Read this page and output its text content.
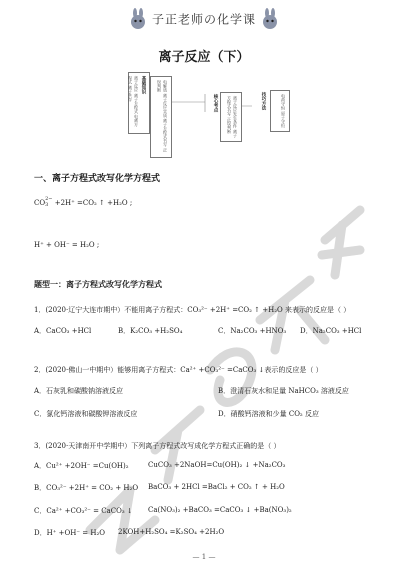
子正老师の化学课
离子反应（下）
基础知识
离子反应 离子方程式 电离方程式 离子共存	电解质 离子反应实质 离子方程式书写 正误判断
核心考点	离子反应发生条件 离子方程式书写 正误判断
技巧方法	电荷守恒 原子守恒
一、离子方程式改写化学方程式
CO 2−
3 +2H⁺ =CO₂ ↑ +H₂O ;
H⁺ + OH⁻ = H₂O ;
题型一：离子方程式改写化学方程式
1．(2020·辽宁大连市期中）不能用离子方程式：CO₃²⁻ +2H⁺ =CO₂ ↑ +H₂O 来表示的反应是（ ）
A．CaCO₃ +HCl	B．K₂CO₃ +H₂SO₄	C．Na₂CO₃ +HNO₃ D．Na₂CO₃ +HCl
2．(2020·佛山一中期中）能够用离子方程式：Ca²⁺ +CO₃²⁻ =CaCO₃ ↓表示的反应是（ ）
A．石灰乳和碳酸钠溶液反应	B．澄清石灰水和足量 NaHCO₃ 溶液反应
C．氯化钙溶液和碳酸钾溶液反应	D．硝酸钙溶液和少量 CO₂ 反应
3．(2020·天津南开中学期中）下列离子方程式改写成化学方程式正确的是（ ）
A．Cu²⁺ +2OH⁻ =Cu(OH)₂	CuCO₃ +2NaOH=Cu(OH)₂ ↓ +Na₂CO₃
B．CO₃²⁻ +2H⁺ = CO₂ + H₂O BaCO₃ + 2HCl =BaCl₂ + CO₂ ↑ + H₂O
C．Ca²⁺ +CO₃²⁻ = CaCO₃ ↓ Ca(NO₃)₂ +BaCO₃ =CaCO₃ ↓ +Ba(NO₃)₂
D．H⁺ +OH⁻ = H₂O 2KOH+H₂SO₄ =K₂SO₄ +2H₂O
— 1 —
